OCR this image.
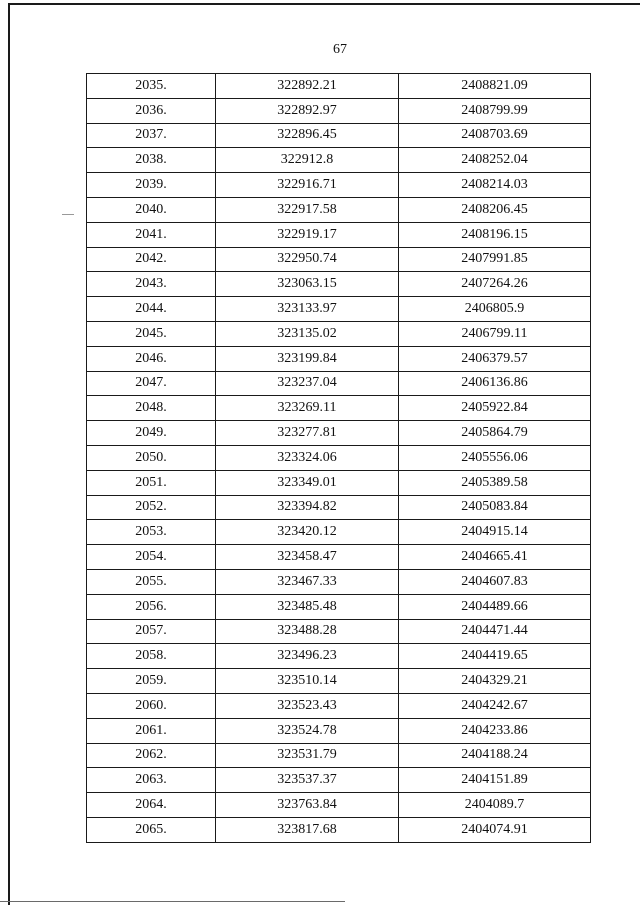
67
2035.	322892.21	2408821.09
2036.	322892.97	2408799.99
2037.	322896.45	2408703.69
2038.	322912.8	2408252.04
2039.	322916.71	2408214.03
2040.	322917.58	2408206.45
2041.	322919.17	2408196.15
2042.	322950.74	2407991.85
2043.	323063.15	2407264.26
2044.	323133.97	2406805.9
2045.	323135.02	2406799.11
2046.	323199.84	2406379.57
2047.	323237.04	2406136.86
2048.	323269.11	2405922.84
2049.	323277.81	2405864.79
2050.	323324.06	2405556.06
2051.	323349.01	2405389.58
2052.	323394.82	2405083.84
2053.	323420.12	2404915.14
2054.	323458.47	2404665.41
2055.	323467.33	2404607.83
2056.	323485.48	2404489.66
2057.	323488.28	2404471.44
2058.	323496.23	2404419.65
2059.	323510.14	2404329.21
2060.	323523.43	2404242.67
2061.	323524.78	2404233.86
2062.	323531.79	2404188.24
2063.	323537.37	2404151.89
2064.	323763.84	2404089.7
2065.	323817.68	2404074.91
